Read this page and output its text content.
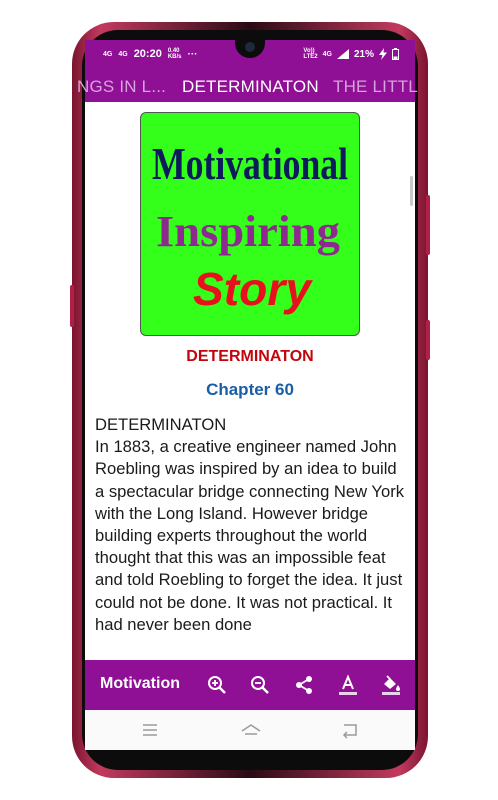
4G 4G 20:20 0.40
KB/s ···	Vo))
LTE2 4G 21%
NGS IN L... DETERMINATON THE LITTL
Motivational
Inspiring
Story
DETERMINATON
Chapter 60
DETERMINATON
In 1883, a creative engineer named John Roebling was inspired by an idea to build a spectacular bridge connecting New York with the Long Island. However bridge building experts throughout the world thought that this was an impossible feat and told Roebling to forget the idea. It just could not be done. It was not practical. It had never been done
Motivation
